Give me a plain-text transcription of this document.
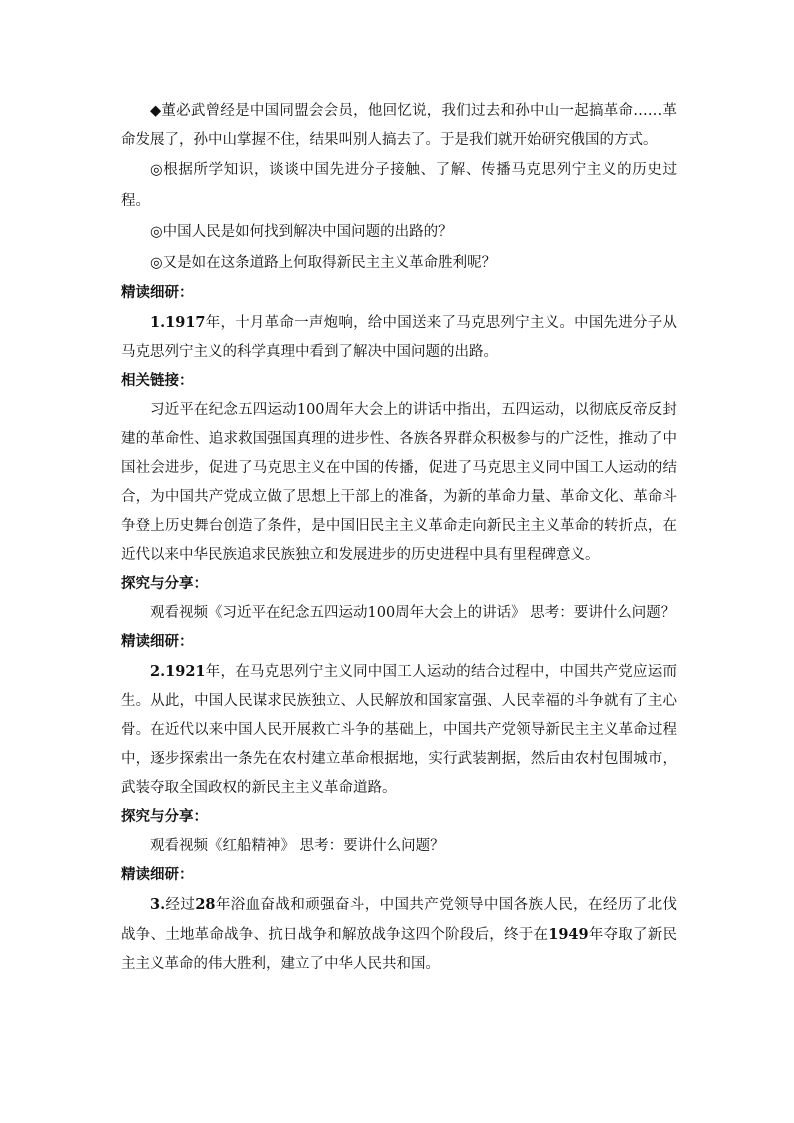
◆董必武曾经是中国同盟会会员，他回忆说，我们过去和孙中山一起搞革命……革命发展了，孙中山掌握不住，结果叫别人搞去了。于是我们就开始研究俄国的方式。

◎根据所学知识，谈谈中国先进分子接触、了解、传播马克思列宁主义的历史过程。

◎中国人民是如何找到解决中国问题的出路的？

◎又是如在这条道路上何取得新民主主义革命胜利呢？

精读细研：

1.1917年，十月革命一声炮响，给中国送来了马克思列宁主义。中国先进分子从马克思列宁主义的科学真理中看到了解决中国问题的出路。

相关链接：

习近平在纪念五四运动100周年大会上的讲话中指出，五四运动，以彻底反帝反封建的革命性、追求救国强国真理的进步性、各族各界群众积极参与的广泛性，推动了中国社会进步，促进了马克思主义在中国的传播，促进了马克思主义同中国工人运动的结合，为中国共产党成立做了思想上干部上的准备，为新的革命力量、革命文化、革命斗争登上历史舞台创造了条件，是中国旧民主主义革命走向新民主主义革命的转折点，在近代以来中华民族追求民族独立和发展进步的历史进程中具有里程碑意义。

探究与分享：

观看视频《习近平在纪念五四运动100周年大会上的讲话》 思考：要讲什么问题？

精读细研：

2.1921年，在马克思列宁主义同中国工人运动的结合过程中，中国共产党应运而生。从此，中国人民谋求民族独立、人民解放和国家富强、人民幸福的斗争就有了主心骨。在近代以来中国人民开展救亡斗争的基础上，中国共产党领导新民主主义革命过程中，逐步探索出一条先在农村建立革命根据地，实行武装割据，然后由农村包围城市，武装夺取全国政权的新民主主义革命道路。

探究与分享：

观看视频《红船精神》 思考：要讲什么问题？

精读细研：

3.经过28年浴血奋战和顽强奋斗，中国共产党领导中国各族人民，在经历了北伐战争、土地革命战争、抗日战争和解放战争这四个阶段后，终于在1949年夺取了新民主主义革命的伟大胜利，建立了中华人民共和国。
